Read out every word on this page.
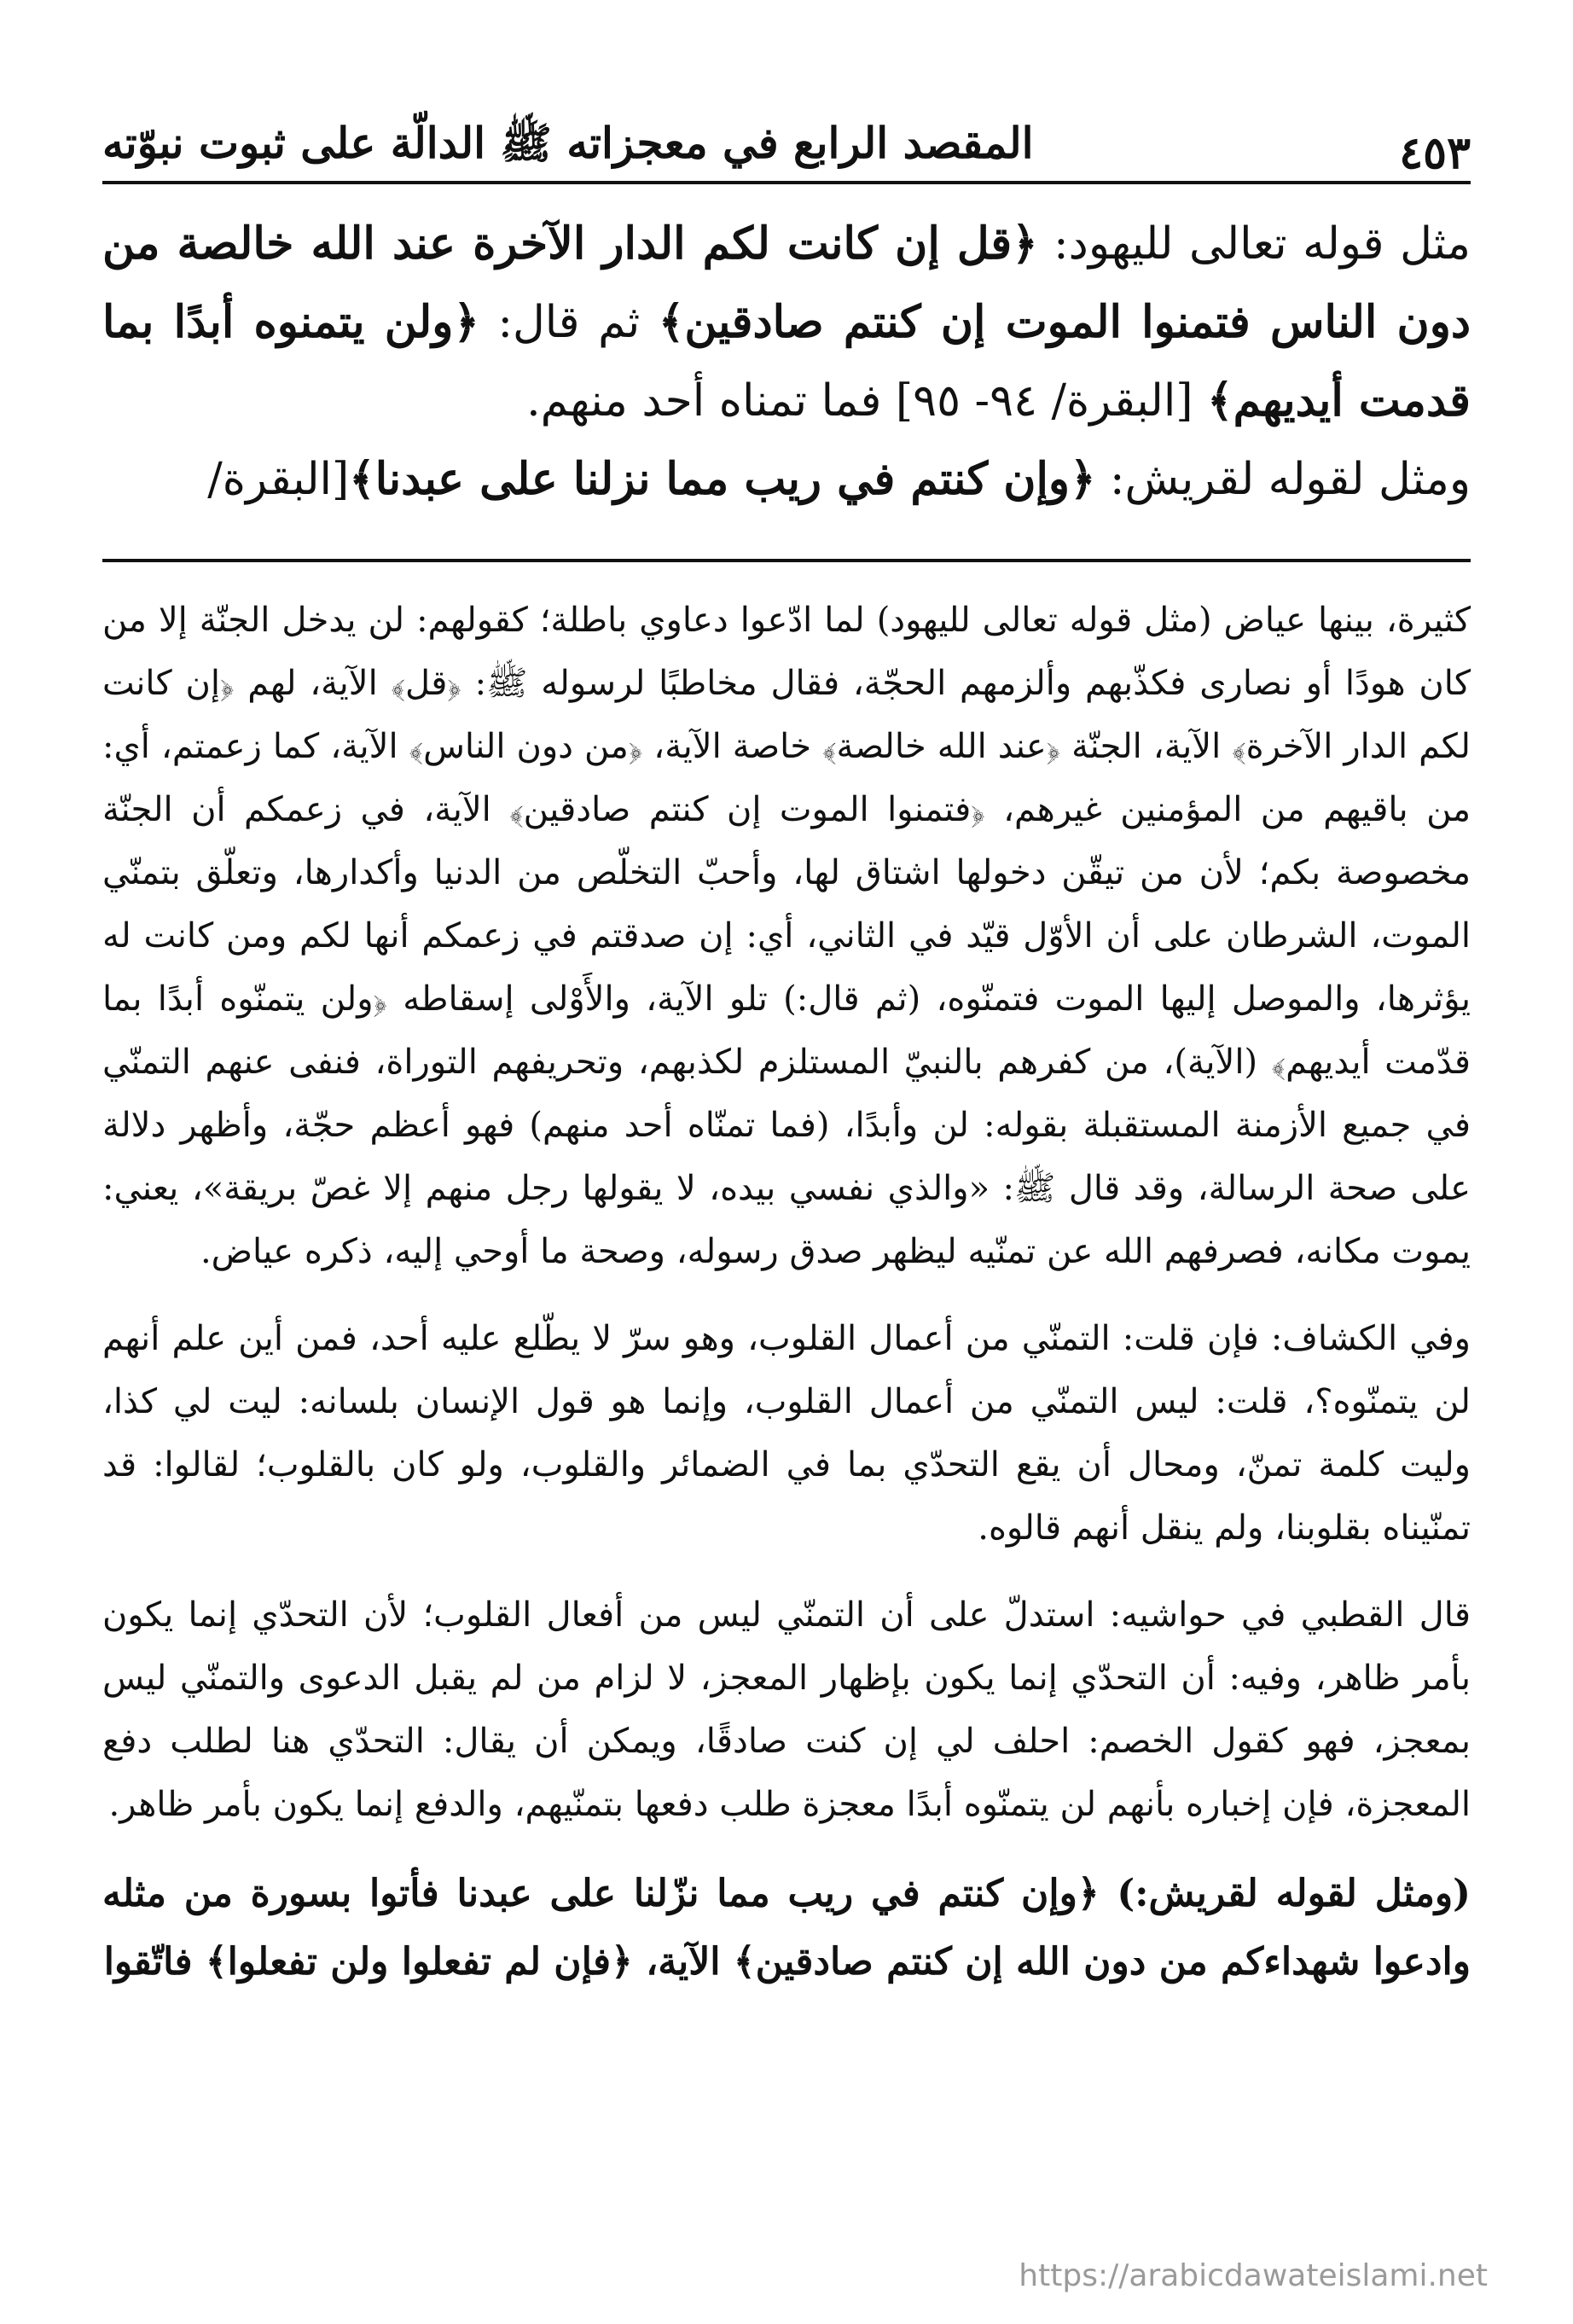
المقصد الرابع في معجزاته ﷺ الدالّة على ثبوت نبوّته	٤٥٣

مثل قوله تعالى لليهود: ﴿قل إن كانت لكم الدار الآخرة عند الله خالصة من دون الناس فتمنوا الموت إن كنتم صادقين﴾ ثم قال: ﴿ولن يتمنوه أبدًا بما قدمت أيديهم﴾ [البقرة/ ٩٤- ٩٥] فما تمناه أحد منهم.

ومثل لقوله لقريش: ﴿وإن كنتم في ريب مما نزلنا على عبدنا﴾[البقرة/

كثيرة، بينها عياض (مثل قوله تعالى لليهود) لما ادّعوا دعاوي باطلة؛ كقولهم: لن يدخل الجنّة إلا من كان هودًا أو نصارى فكذّبهم وألزمهم الحجّة، فقال مخاطبًا لرسوله ﷺ: ﴿قل﴾ الآية، لهم ﴿إن كانت لكم الدار الآخرة﴾ الآية، الجنّة ﴿عند الله خالصة﴾ خاصة الآية، ﴿من دون الناس﴾ الآية، كما زعمتم، أي: من باقيهم من المؤمنين غيرهم، ﴿فتمنوا الموت إن كنتم صادقين﴾ الآية، في زعمكم أن الجنّة مخصوصة بكم؛ لأن من تيقّن دخولها اشتاق لها، وأحبّ التخلّص من الدنيا وأكدارها، وتعلّق بتمنّي الموت، الشرطان على أن الأوّل قيّد في الثاني، أي: إن صدقتم في زعمكم أنها لكم ومن كانت له يؤثرها، والموصل إليها الموت فتمنّوه، (ثم قال:) تلو الآية، والأَوْلى إسقاطه ﴿ولن يتمنّوه أبدًا بما قدّمت أيديهم﴾ (الآية)، من كفرهم بالنبيّ المستلزم لكذبهم، وتحريفهم التوراة، فنفى عنهم التمنّي في جميع الأزمنة المستقبلة بقوله: لن وأبدًا، (فما تمنّاه أحد منهم) فهو أعظم حجّة، وأظهر دلالة على صحة الرسالة، وقد قال ﷺ: «والذي نفسي بيده، لا يقولها رجل منهم إلا غصّ بريقة»، يعني: يموت مكانه، فصرفهم الله عن تمنّيه ليظهر صدق رسوله، وصحة ما أوحي إليه، ذكره عياض.

وفي الكشاف: فإن قلت: التمنّي من أعمال القلوب، وهو سرّ لا يطّلع عليه أحد، فمن أين علم أنهم لن يتمنّوه؟، قلت: ليس التمنّي من أعمال القلوب، وإنما هو قول الإنسان بلسانه: ليت لي كذا، وليت كلمة تمنّ، ومحال أن يقع التحدّي بما في الضمائر والقلوب، ولو كان بالقلوب؛ لقالوا: قد تمنّيناه بقلوبنا، ولم ينقل أنهم قالوه.

قال القطبي في حواشيه: استدلّ على أن التمنّي ليس من أفعال القلوب؛ لأن التحدّي إنما يكون بأمر ظاهر، وفيه: أن التحدّي إنما يكون بإظهار المعجز، لا لزام من لم يقبل الدعوى والتمنّي ليس بمعجز، فهو كقول الخصم: احلف لي إن كنت صادقًا، ويمكن أن يقال: التحدّي هنا لطلب دفع المعجزة، فإن إخباره بأنهم لن يتمنّوه أبدًا معجزة طلب دفعها بتمنّيهم، والدفع إنما يكون بأمر ظاهر.

(ومثل لقوله لقريش:) ﴿وإن كنتم في ريب مما نزّلنا على عبدنا فأتوا بسورة من مثله وادعوا شهداءكم من دون الله إن كنتم صادقين﴾ الآية، ﴿فإن لم تفعلوا ولن تفعلوا﴾ فاتّقوا

https://arabicdawateislami.net
